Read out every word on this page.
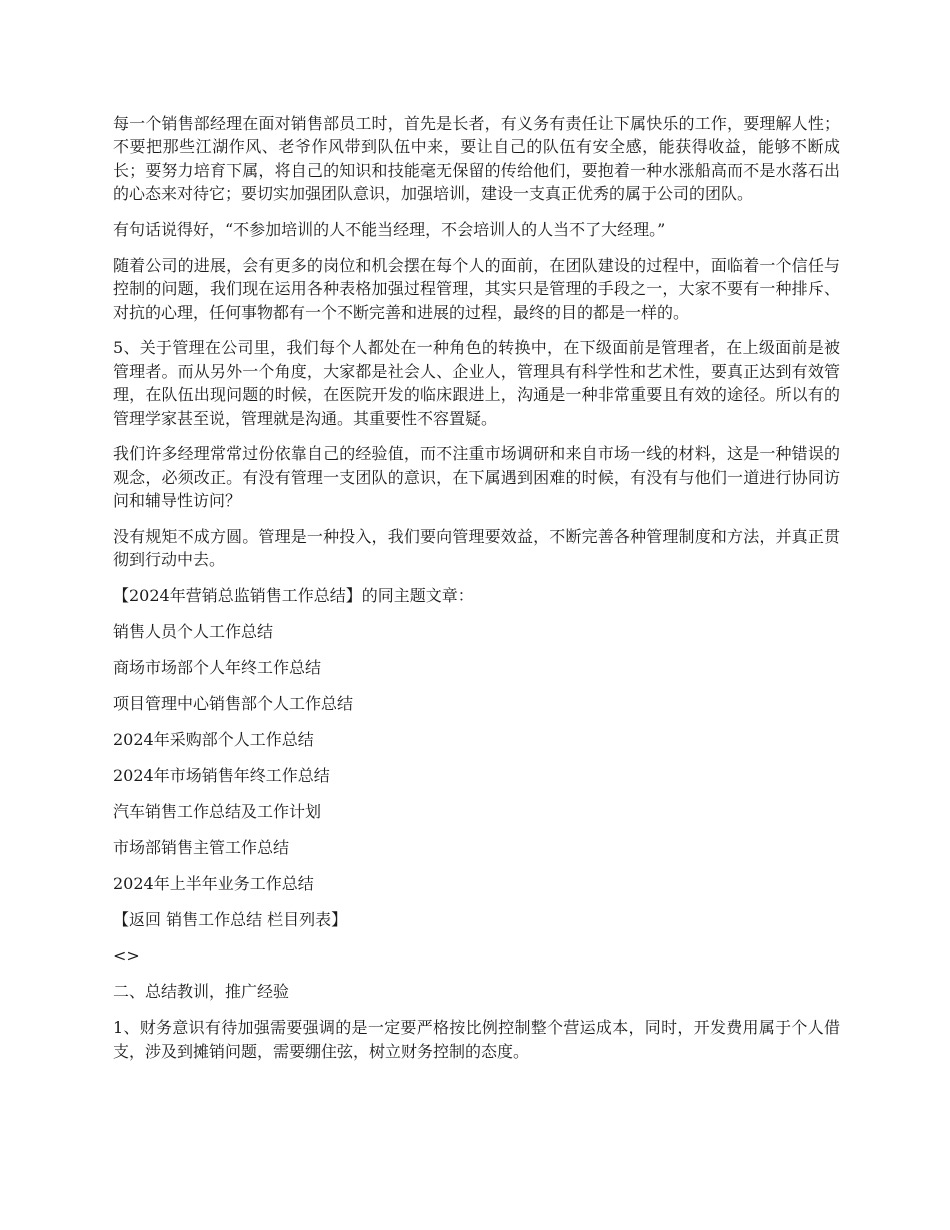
每一个销售部经理在面对销售部员工时，首先是长者，有义务有责任让下属快乐的工作，要理解人性；不要把那些江湖作风、老爷作风带到队伍中来，要让自己的队伍有安全感，能获得收益，能够不断成长；要努力培育下属，将自己的知识和技能毫无保留的传给他们，要抱着一种水涨船高而不是水落石出的心态来对待它；要切实加强团队意识，加强培训，建设一支真正优秀的属于公司的团队。

有句话说得好，“不参加培训的人不能当经理，不会培训人的人当不了大经理。”

随着公司的进展，会有更多的岗位和机会摆在每个人的面前，在团队建设的过程中，面临着一个信任与控制的问题，我们现在运用各种表格加强过程管理，其实只是管理的手段之一，大家不要有一种排斥、对抗的心理，任何事物都有一个不断完善和进展的过程，最终的目的都是一样的。

5、关于管理在公司里，我们每个人都处在一种角色的转换中，在下级面前是管理者，在上级面前是被管理者。而从另外一个角度，大家都是社会人、企业人，管理具有科学性和艺术性，要真正达到有效管理，在队伍出现问题的时候，在医院开发的临床跟进上，沟通是一种非常重要且有效的途径。所以有的管理学家甚至说，管理就是沟通。其重要性不容置疑。

我们许多经理常常过份依靠自己的经验值，而不注重市场调研和来自市场一线的材料，这是一种错误的观念，必须改正。有没有管理一支团队的意识，在下属遇到困难的时候，有没有与他们一道进行协同访问和辅导性访问？

没有规矩不成方圆。管理是一种投入，我们要向管理要效益，不断完善各种管理制度和方法，并真正贯彻到行动中去。

【2024年营销总监销售工作总结】的同主题文章：

销售人员个人工作总结

商场市场部个人年终工作总结

项目管理中心销售部个人工作总结

2024年采购部个人工作总结

2024年市场销售年终工作总结

汽车销售工作总结及工作计划

市场部销售主管工作总结

2024年上半年业务工作总结

【返回 销售工作总结 栏目列表】

<>

二、总结教训，推广经验

1、财务意识有待加强需要强调的是一定要严格按比例控制整个营运成本，同时，开发费用属于个人借支，涉及到摊销问题，需要绷住弦，树立财务控制的态度。
